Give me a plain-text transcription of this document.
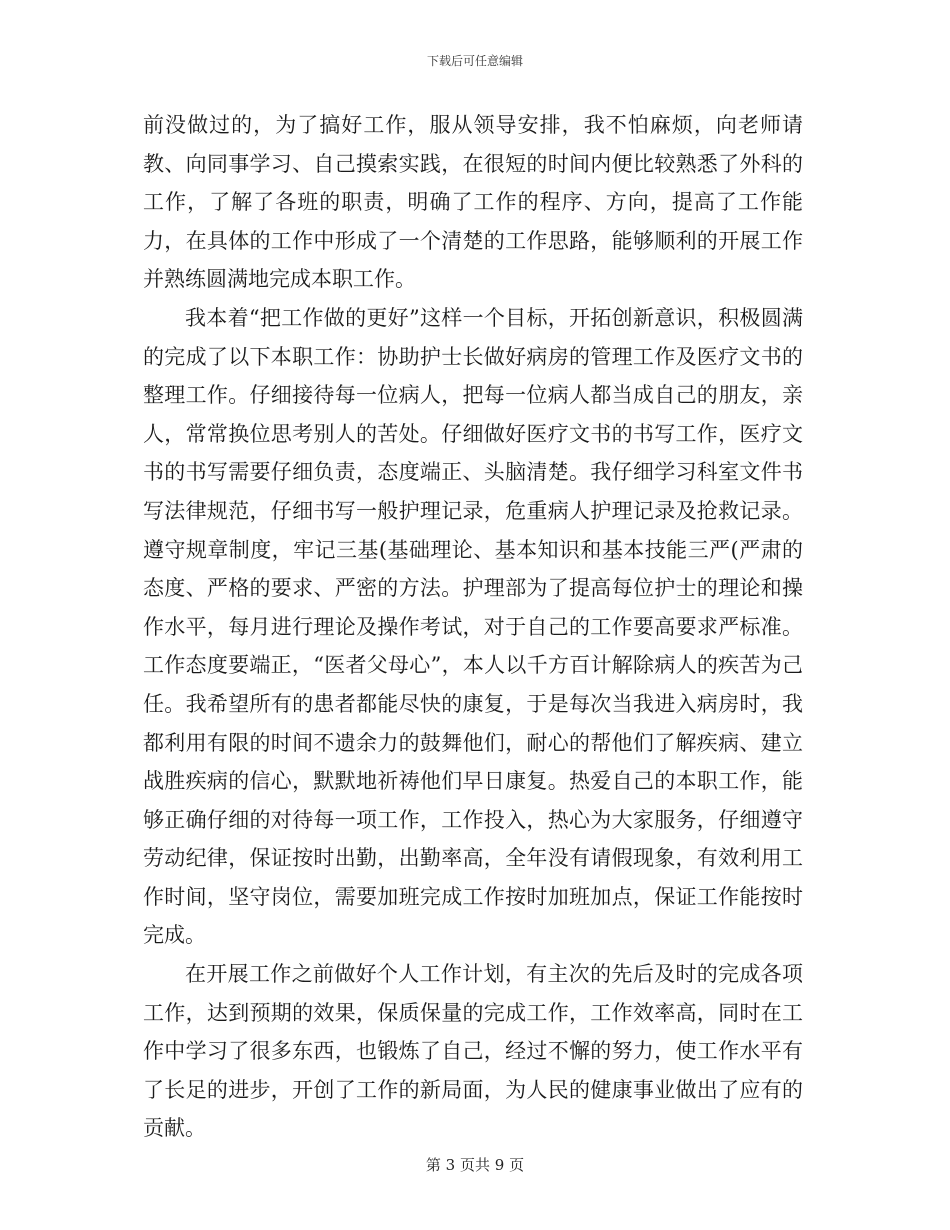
下载后可任意编辑

前没做过的，为了搞好工作，服从领导安排，我不怕麻烦，向老师请教、向同事学习、自己摸索实践，在很短的时间内便比较熟悉了外科的工作，了解了各班的职责，明确了工作的程序、方向，提高了工作能力，在具体的工作中形成了一个清楚的工作思路，能够顺利的开展工作并熟练圆满地完成本职工作。

我本着“把工作做的更好”这样一个目标，开拓创新意识，积极圆满的完成了以下本职工作：协助护士长做好病房的管理工作及医疗文书的整理工作。仔细接待每一位病人，把每一位病人都当成自己的朋友，亲人，常常换位思考别人的苦处。仔细做好医疗文书的书写工作，医疗文书的书写需要仔细负责，态度端正、头脑清楚。我仔细学习科室文件书写法律规范，仔细书写一般护理记录，危重病人护理记录及抢救记录。遵守规章制度，牢记三基(基础理论、基本知识和基本技能三严(严肃的态度、严格的要求、严密的方法。护理部为了提高每位护士的理论和操作水平，每月进行理论及操作考试，对于自己的工作要高要求严标准。工作态度要端正，“医者父母心”，本人以千方百计解除病人的疾苦为己任。我希望所有的患者都能尽快的康复，于是每次当我进入病房时，我都利用有限的时间不遗余力的鼓舞他们，耐心的帮他们了解疾病、建立战胜疾病的信心，默默地祈祷他们早日康复。热爱自己的本职工作，能够正确仔细的对待每一项工作，工作投入，热心为大家服务，仔细遵守劳动纪律，保证按时出勤，出勤率高，全年没有请假现象，有效利用工作时间，坚守岗位，需要加班完成工作按时加班加点，保证工作能按时完成。

在开展工作之前做好个人工作计划，有主次的先后及时的完成各项工作，达到预期的效果，保质保量的完成工作，工作效率高，同时在工作中学习了很多东西，也锻炼了自己，经过不懈的努力，使工作水平有了长足的进步，开创了工作的新局面，为人民的健康事业做出了应有的贡献。

第 3 页共 9 页
